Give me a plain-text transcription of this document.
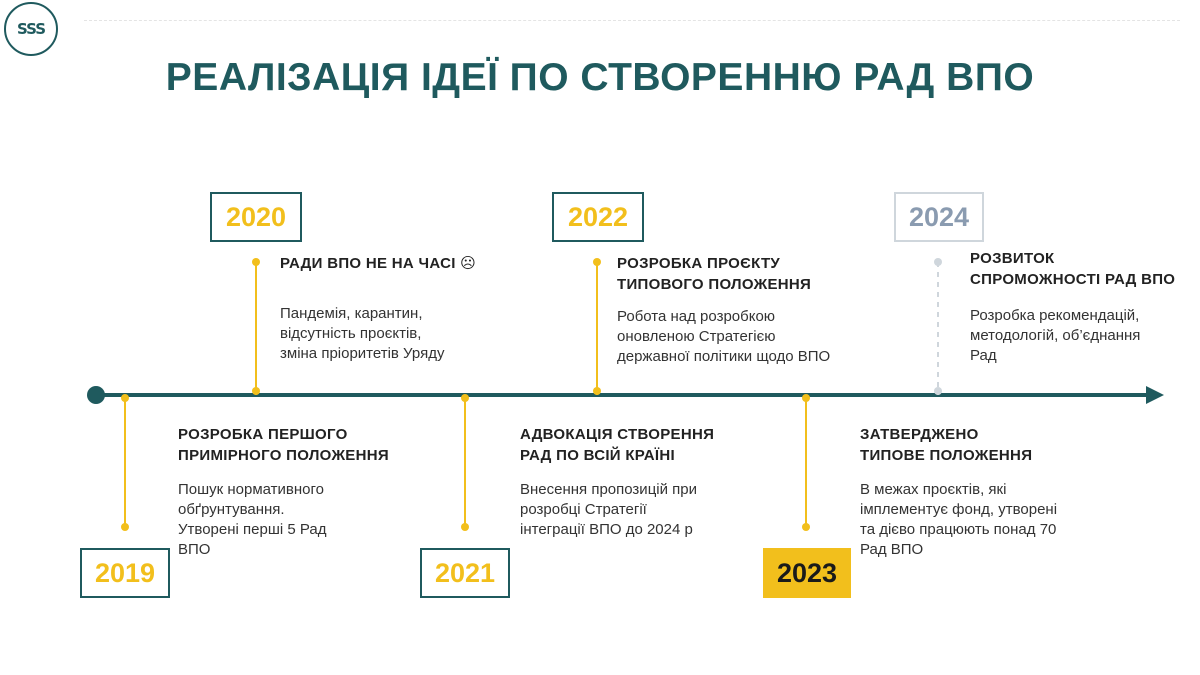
SSS
РЕАЛІЗАЦІЯ ІДЕЇ ПО СТВОРЕННЮ РАД ВПО
2019
2020
2021
2022
2023
2024
РОЗРОБКА ПЕРШОГО
ПРИМІРНОГО ПОЛОЖЕННЯ
Пошук нормативного
обґрунтування.
Утворені перші 5 Рад
ВПО
РАДИ ВПО НЕ НА ЧАСІ ☹
Пандемія, карантин,
відсутність проєктів,
зміна пріоритетів Уряду
АДВОКАЦІЯ СТВОРЕННЯ
РАД ПО ВСІЙ КРАЇНІ
Внесення пропозицій при
розробці Стратегії
інтеграції ВПО до 2024 р
РОЗРОБКА ПРОЄКТУ
ТИПОВОГО ПОЛОЖЕННЯ
Робота над розробкою
оновленою Стратегією
державної політики щодо ВПО
ЗАТВЕРДЖЕНО
ТИПОВЕ ПОЛОЖЕННЯ
В межах проєктів, які
імплементує фонд, утворені
та дієво працюють понад 70
Рад ВПО
РОЗВИТОК
СПРОМОЖНОСТІ РАД ВПО
Розробка рекомендацій,
методологій, об’єднання
Рад
